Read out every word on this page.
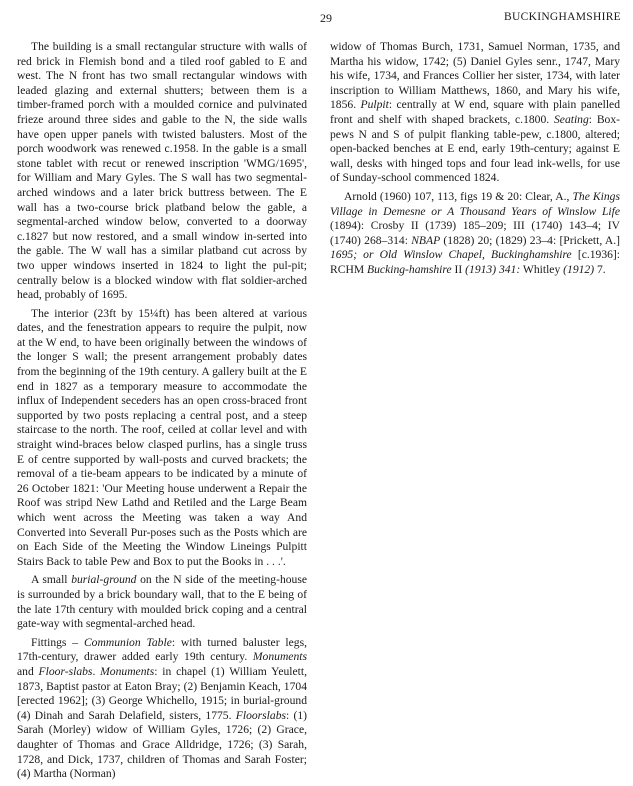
29	BUCKINGHAMSHIRE

The building is a small rectangular structure with walls of red brick in Flemish bond and a tiled roof gabled to E and west. The N front has two small rectangular windows with leaded glazing and external shutters; between them is a timber-framed porch with a moulded cornice and pulvinated frieze around three sides and gable to the N, the side walls have open upper panels with twisted balusters. Most of the porch woodwork was renewed c.1958. In the gable is a small stone tablet with recut or renewed inscription 'WMG/1695', for William and Mary Gyles. The S wall has two segmental-arched windows and a later brick buttress between. The E wall has a two-course brick platband below the gable, a segmental-arched window below, converted to a doorway c.1827 but now restored, and a small window in-serted into the gable. The W wall has a similar platband cut across by two upper windows inserted in 1824 to light the pul-pit; centrally below is a blocked window with flat soldier-arched head, probably of 1695.

The interior (23ft by 15¼ft) has been altered at various dates, and the fenestration appears to require the pulpit, now at the W end, to have been originally between the windows of the longer S wall; the present arrangement probably dates from the beginning of the 19th century. A gallery built at the E end in 1827 as a temporary measure to accommodate the influx of Independent seceders has an open cross-braced front supported by two posts replacing a central post, and a steep staircase to the north. The roof, ceiled at collar level and with straight wind-braces below clasped purlins, has a single truss E of centre supported by wall-posts and curved brackets; the removal of a tie-beam appears to be indicated by a minute of 26 October 1821: 'Our Meeting house underwent a Repair the Roof was stripd New Lathd and Retiled and the Large Beam which went across the Meeting was taken a way And Converted into Severall Pur-poses such as the Posts which are on Each Side of the Meeting the Window Lineings Pulpitt Stairs Back to table Pew and Box to put the Books in . . .'.

A small burial-ground on the N side of the meeting-house is surrounded by a brick boundary wall, that to the E being of the late 17th century with moulded brick coping and a central gate-way with segmental-arched head.

Fittings – Communion Table: with turned baluster legs, 17th-century, drawer added early 19th century. Monuments and Floor-slabs. Monuments: in chapel (1) William Yeulett, 1873, Baptist pastor at Eaton Bray; (2) Benjamin Keach, 1704 [erected 1962]; (3) George Whichello, 1915; in burial-ground (4) Dinah and Sarah Delafield, sisters, 1775. Floorslabs: (1) Sarah (Morley) widow of William Gyles, 1726; (2) Grace, daughter of Thomas and Grace Alldridge, 1726; (3) Sarah, 1728, and Dick, 1737, children of Thomas and Sarah Foster; (4) Martha (Norman)

widow of Thomas Burch, 1731, Samuel Norman, 1735, and Martha his widow, 1742; (5) Daniel Gyles senr., 1747, Mary his wife, 1734, and Frances Collier her sister, 1734, with later inscription to William Matthews, 1860, and Mary his wife, 1856. Pulpit: centrally at W end, square with plain panelled front and shelf with shaped brackets, c.1800. Seating: Box-pews N and S of pulpit flanking table-pew, c.1800, altered; open-backed benches at E end, early 19th-century; against E wall, desks with hinged tops and four lead ink-wells, for use of Sunday-school commenced 1824.

Arnold (1960) 107, 113, figs 19 & 20: Clear, A., The Kings Village in Demesne or A Thousand Years of Winslow Life (1894): Crosby II (1739) 185–209; III (1740) 143–4; IV (1740) 268–314: NBAP (1828) 20; (1829) 23–4: [Prickett, A.] 1695; or Old Winslow Chapel, Buckinghamshire [c.1936]: RCHM Bucking-hamshire II (1913) 341: Whitley (1912) 7.
